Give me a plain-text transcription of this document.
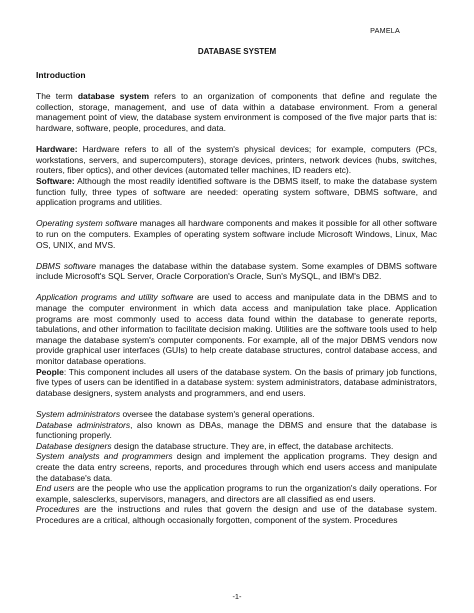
PAMELA
DATABASE SYSTEM

Introduction

The term database system refers to an organization of components that define and regulate the collection, storage, management, and use of data within a database environment. From a general management point of view, the database system environment is composed of the five major parts that is: hardware, software, people, procedures, and data.

Hardware: Hardware refers to all of the system's physical devices; for example, computers (PCs, workstations, servers, and supercomputers), storage devices, printers, network devices (hubs, switches, routers, fiber optics), and other devices (automated teller machines, ID readers etc).

Software: Although the most readily identified software is the DBMS itself, to make the database system function fully, three types of software are needed: operating system software, DBMS software, and application programs and utilities.

Operating system software manages all hardware components and makes it possible for all other software to run on the computers. Examples of operating system software include Microsoft Windows, Linux, Mac OS, UNIX, and MVS.

DBMS software manages the database within the database system. Some examples of DBMS software include Microsoft's SQL Server, Oracle Corporation's Oracle, Sun's MySQL, and IBM's DB2.

Application programs and utility software are used to access and manipulate data in the DBMS and to manage the computer environment in which data access and manipulation take place. Application programs are most commonly used to access data found within the database to generate reports, tabulations, and other information to facilitate decision making. Utilities are the software tools used to help manage the database system's computer components. For example, all of the major DBMS vendors now provide graphical user interfaces (GUIs) to help create database structures, control database access, and monitor database operations.

People: This component includes all users of the database system. On the basis of primary job functions, five types of users can be identified in a database system: system administrators, database administrators, database designers, system analysts and programmers, and end users.

System administrators oversee the database system's general operations.

Database administrators, also known as DBAs, manage the DBMS and ensure that the database is functioning properly.

Database designers design the database structure. They are, in effect, the database architects.

System analysts and programmers design and implement the application programs. They design and create the data entry screens, reports, and procedures through which end users access and manipulate the database's data.

End users are the people who use the application programs to run the organization's daily operations. For example, salesclerks, supervisors, managers, and directors are all classified as end users.

Procedures are the instructions and rules that govern the design and use of the database system. Procedures are a critical, although occasionally forgotten, component of the system. Procedures

-1-
